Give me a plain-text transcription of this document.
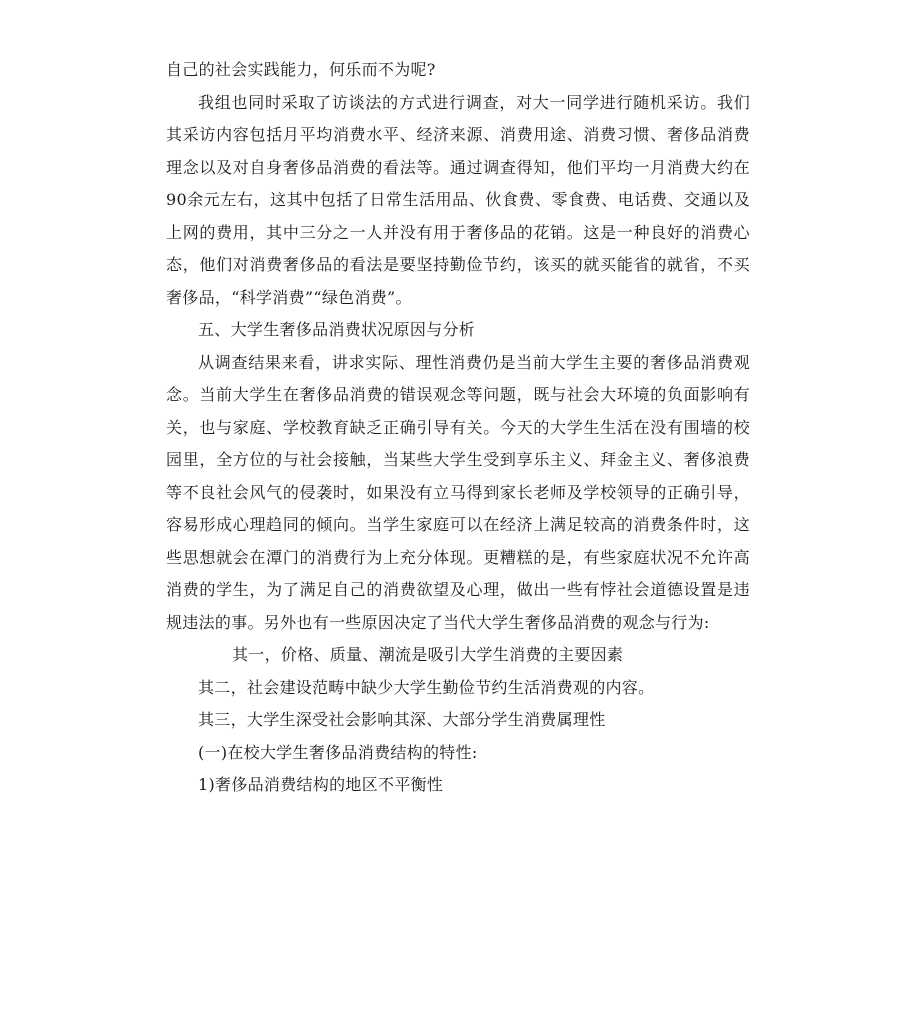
自己的社会实践能力，何乐而不为呢?

我组也同时采取了访谈法的方式进行调查，对大一同学进行随机采访。我们其采访内容包括月平均消费水平、经济来源、消费用途、消费习惯、奢侈品消费理念以及对自身奢侈品消费的看法等。通过调查得知，他们平均一月消费大约在90余元左右，这其中包括了日常生活用品、伙食费、零食费、电话费、交通以及上网的费用，其中三分之一人并没有用于奢侈品的花销。这是一种良好的消费心态，他们对消费奢侈品的看法是要坚持勤俭节约，该买的就买能省的就省，不买奢侈品，“科学消费”“绿色消费”。

五、大学生奢侈品消费状况原因与分析

从调查结果来看，讲求实际、理性消费仍是当前大学生主要的奢侈品消费观念。当前大学生在奢侈品消费的错误观念等问题，既与社会大环境的负面影响有关，也与家庭、学校教育缺乏正确引导有关。今天的大学生生活在没有围墙的校园里，全方位的与社会接触，当某些大学生受到享乐主义、拜金主义、奢侈浪费等不良社会风气的侵袭时，如果没有立马得到家长老师及学校领导的正确引导，容易形成心理趋同的倾向。当学生家庭可以在经济上满足较高的消费条件时，这些思想就会在潭门的消费行为上充分体现。更糟糕的是，有些家庭状况不允许高消费的学生，为了满足自己的消费欲望及心理，做出一些有悖社会道德设置是违规违法的事。另外也有一些原因决定了当代大学生奢侈品消费的观念与行为:

其一，价格、质量、潮流是吸引大学生消费的主要因素

其二，社会建设范畴中缺少大学生勤俭节约生活消费观的内容。

其三，大学生深受社会影响其深、大部分学生消费属理性

(一)在校大学生奢侈品消费结构的特性:

1)奢侈品消费结构的地区不平衡性
